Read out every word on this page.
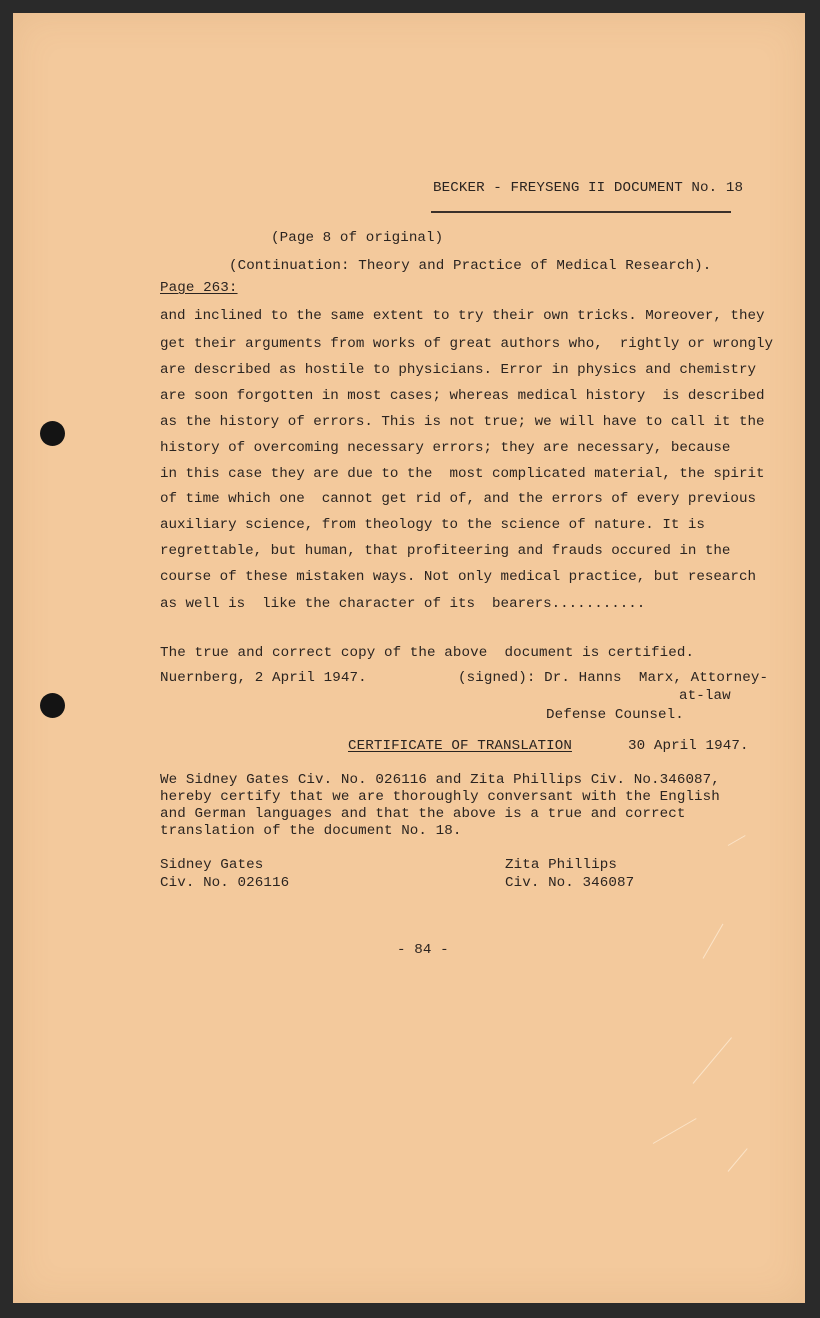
BECKER - FREYSENG II DOCUMENT No. 18
(Page 8 of original)
(Continuation: Theory and Practice of Medical Research).
Page 263:
and inclined to the same extent to try their own tricks. Moreover, they
get their arguments from works of great authors who,  rightly or wrongly
are described as hostile to physicians. Error in physics and chemistry
are soon forgotten in most cases; whereas medical history  is described
as the history of errors. This is not true; we will have to call it the
history of overcoming necessary errors; they are necessary, because
in this case they are due to the  most complicated material, the spirit
of time which one  cannot get rid of, and the errors of every previous
auxiliary science, from theology to the science of nature. It is
regrettable, but human, that profiteering and frauds occured in the
course of these mistaken ways. Not only medical practice, but research
as well is  like the character of its  bearers...........
The true and correct copy of the above  document is certified.
Nuernberg, 2 April 1947.	(signed): Dr. Hanns  Marx, Attorney-
at-law
Defense Counsel.
CERTIFICATE OF TRANSLATION	30 April 1947.
We Sidney Gates Civ. No. 026116 and Zita Phillips Civ. No.346087,
hereby certify that we are thoroughly conversant with the English
and German languages and that the above is a true and correct
translation of the document No. 18.
Sidney Gates
Civ. No. 026116
Zita Phillips
Civ. No. 346087
- 84 -
